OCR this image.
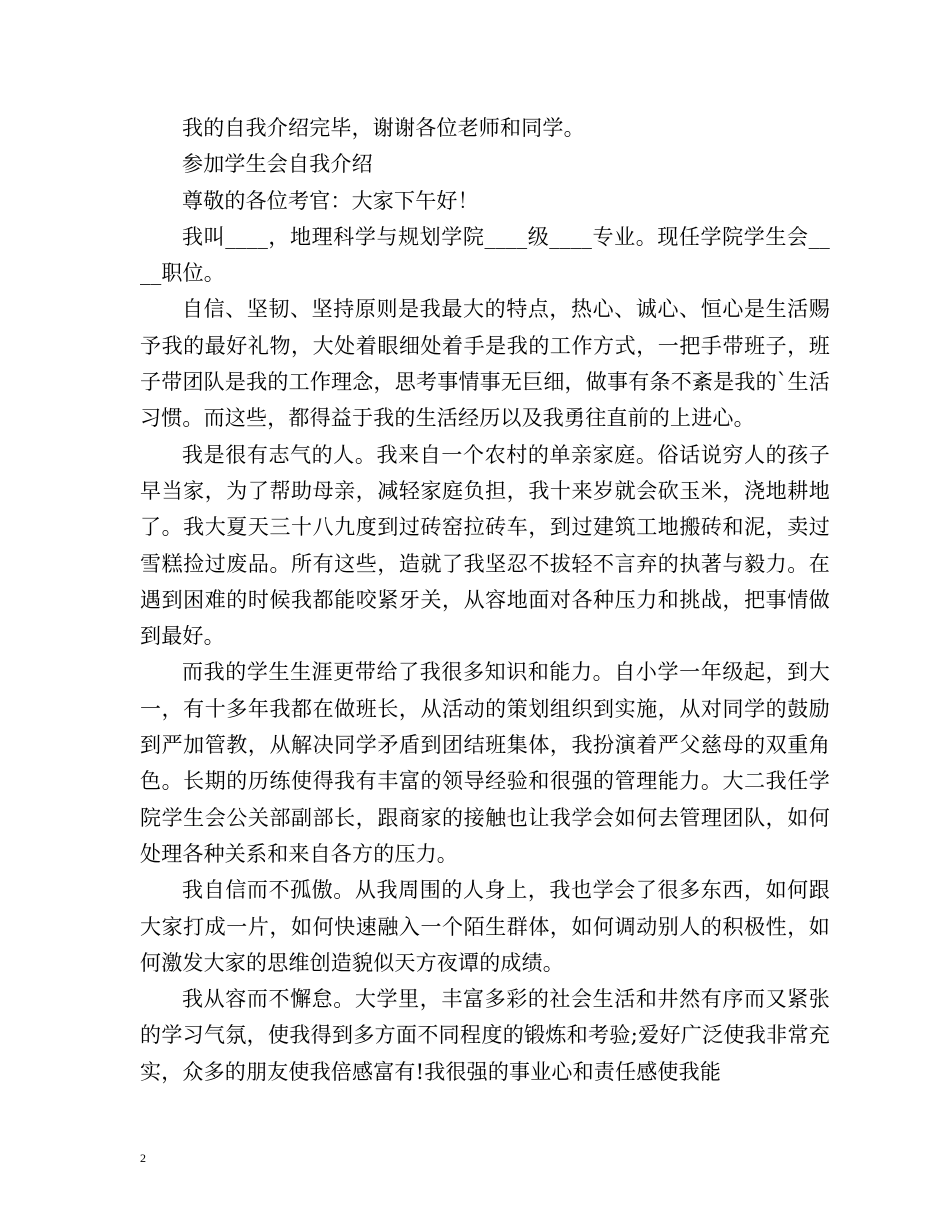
我的自我介绍完毕，谢谢各位老师和同学。

参加学生会自我介绍

尊敬的各位考官：大家下午好！

我叫____，地理科学与规划学院____级____专业。现任学院学生会____职位。

自信、坚韧、坚持原则是我最大的特点，热心、诚心、恒心是生活赐予我的最好礼物，大处着眼细处着手是我的工作方式，一把手带班子，班子带团队是我的工作理念，思考事情事无巨细，做事有条不紊是我的`生活习惯。而这些，都得益于我的生活经历以及我勇往直前的上进心。

我是很有志气的人。我来自一个农村的单亲家庭。俗话说穷人的孩子早当家，为了帮助母亲，减轻家庭负担，我十来岁就会砍玉米，浇地耕地了。我大夏天三十八九度到过砖窑拉砖车，到过建筑工地搬砖和泥，卖过雪糕捡过废品。所有这些，造就了我坚忍不拔轻不言弃的执著与毅力。在遇到困难的时候我都能咬紧牙关，从容地面对各种压力和挑战，把事情做到最好。

而我的学生生涯更带给了我很多知识和能力。自小学一年级起，到大一，有十多年我都在做班长，从活动的策划组织到实施，从对同学的鼓励到严加管教，从解决同学矛盾到团结班集体，我扮演着严父慈母的双重角色。长期的历练使得我有丰富的领导经验和很强的管理能力。大二我任学院学生会公关部副部长，跟商家的接触也让我学会如何去管理团队，如何处理各种关系和来自各方的压力。

我自信而不孤傲。从我周围的人身上，我也学会了很多东西，如何跟大家打成一片，如何快速融入一个陌生群体，如何调动别人的积极性，如何激发大家的思维创造貌似天方夜谭的成绩。

我从容而不懈怠。大学里，丰富多彩的社会生活和井然有序而又紧张的学习气氛，使我得到多方面不同程度的锻炼和考验;爱好广泛使我非常充实，众多的朋友使我倍感富有!我很强的事业心和责任感使我能

2
